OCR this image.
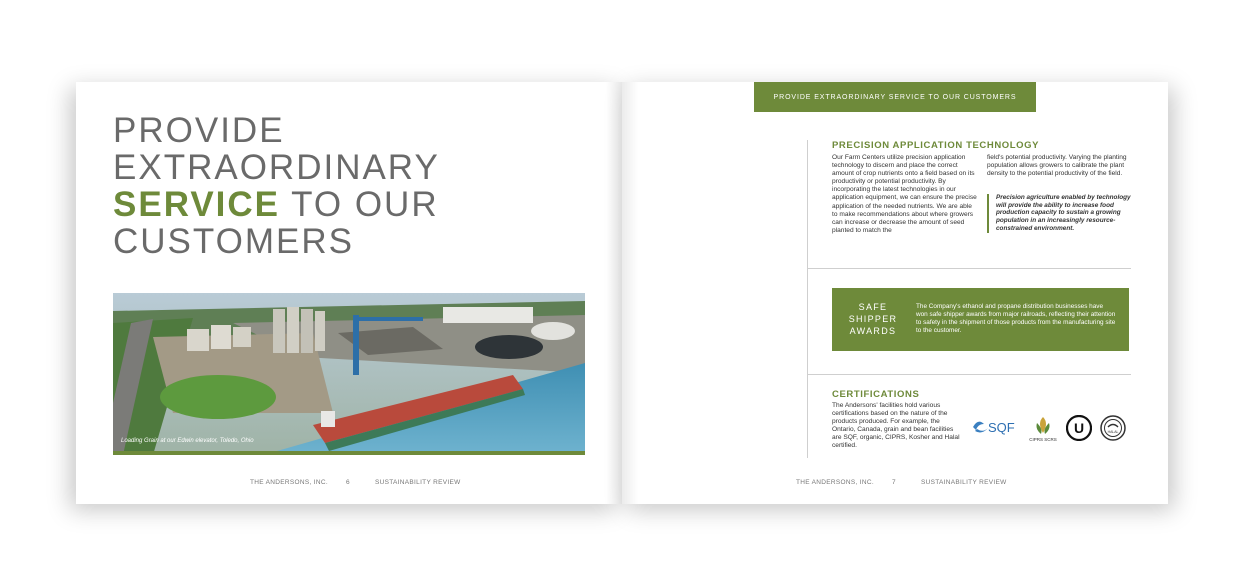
PROVIDE
EXTRAORDINARY
SERVICE TO OUR
CUSTOMERS
Loading Grain at our Edwin elevator, Toledo, Ohio

THE ANDERSONS, INC.	6	SUSTAINABILITY REVIEW
PROVIDE EXTRAORDINARY SERVICE TO OUR CUSTOMERS
PRECISION APPLICATION TECHNOLOGY

Our Farm Centers utilize precision application technology to discern and place the correct amount of crop nutrients onto a field based on its productivity or potential productivity. By incorporating the latest technologies in our application equipment, we can ensure the precise application of the needed nutrients. We are able to make recommendations about where growers can increase or decrease the amount of seed planted to match the

field's potential productivity. Varying the planting population allows growers to calibrate the plant density to the potential productivity of the field.

Precision agriculture enabled by technology will provide the ability to increase food production capacity to sustain a growing population in an increasingly resource-constrained environment.
SAFE SHIPPER AWARDS
The Company's ethanol and propane distribution businesses have won safe shipper awards from major railroads, reflecting their attention to safety in the shipment of those products from the manufacturing site to the customer.
CERTIFICATIONS

The Andersons' facilities hold various certifications based on the nature of the products produced. For example, the Ontario, Canada, grain and bean facilities are SQF, organic, CIPRS, Kosher and Halal certified.

SQF
CIPRS SCRS
U	HALAL
THE ANDERSONS, INC.	7	SUSTAINABILITY REVIEW
